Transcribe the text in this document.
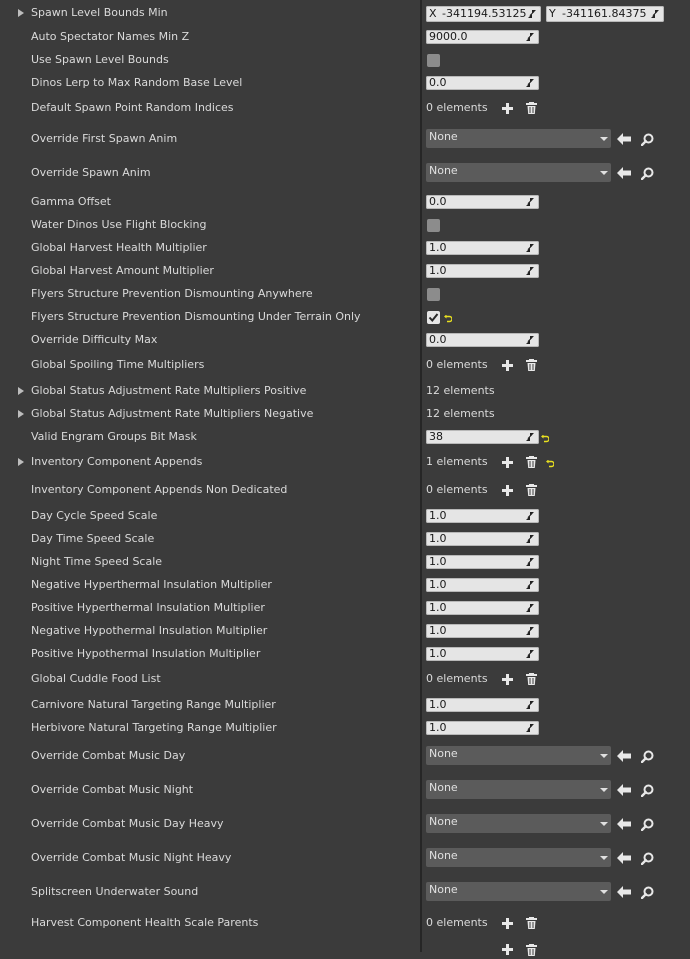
Spawn Level Bounds Min	X -341194.53125 Y -341161.84375
Auto Spectator Names Min Z	9000.0
Use Spawn Level Bounds
Dinos Lerp to Max Random Base Level	0.0
Default Spawn Point Random Indices	0 elements
Override First Spawn Anim	None
Override Spawn Anim	None
Gamma Offset	0.0
Water Dinos Use Flight Blocking
Global Harvest Health Multiplier	1.0
Global Harvest Amount Multiplier	1.0
Flyers Structure Prevention Dismounting Anywhere
Flyers Structure Prevention Dismounting Under Terrain Only
Override Difficulty Max	0.0
Global Spoiling Time Multipliers	0 elements
Global Status Adjustment Rate Multipliers Positive	12 elements
Global Status Adjustment Rate Multipliers Negative	12 elements
Valid Engram Groups Bit Mask	38
Inventory Component Appends	1 elements
Inventory Component Appends Non Dedicated	0 elements
Day Cycle Speed Scale	1.0
Day Time Speed Scale	1.0
Night Time Speed Scale	1.0
Negative Hyperthermal Insulation Multiplier	1.0
Positive Hyperthermal Insulation Multiplier	1.0
Negative Hypothermal Insulation Multiplier	1.0
Positive Hypothermal Insulation Multiplier	1.0
Global Cuddle Food List	0 elements
Carnivore Natural Targeting Range Multiplier	1.0
Herbivore Natural Targeting Range Multiplier	1.0
Override Combat Music Day	None
Override Combat Music Night	None
Override Combat Music Day Heavy	None
Override Combat Music Night Heavy	None
Splitscreen Underwater Sound	None
Harvest Component Health Scale Parents	0 elements
